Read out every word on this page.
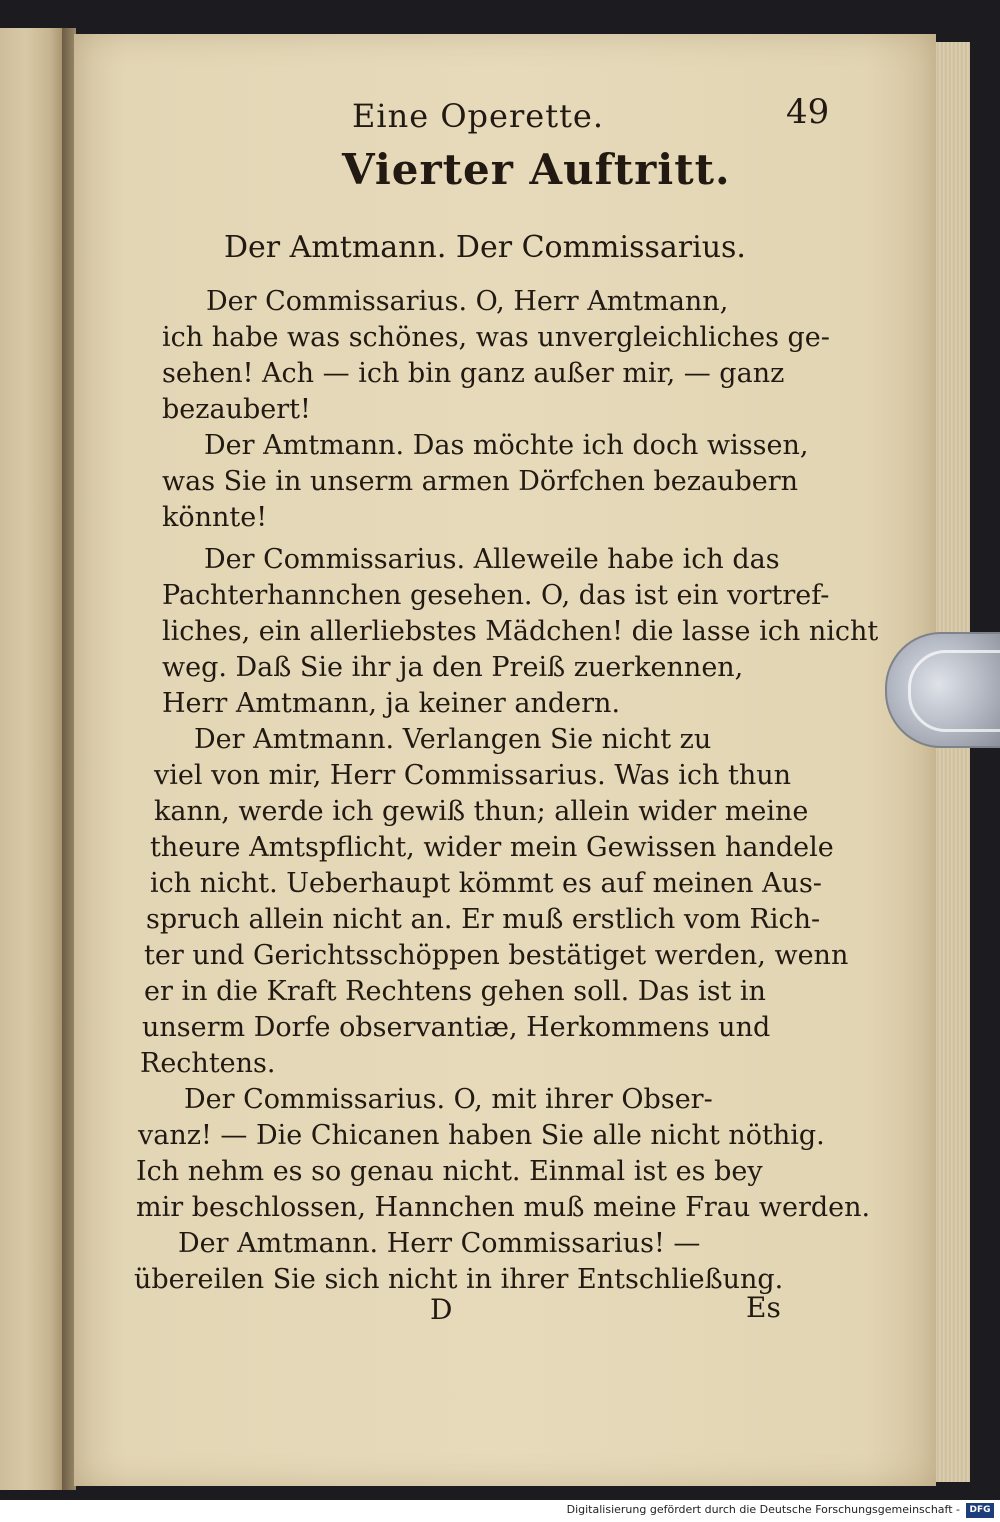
Eine Operette.	49
Vierter Auftritt.
Der Amtmann. Der Commissarius.
Der Commissarius. O, Herr Amtmann,
ich habe was schönes, was unvergleichliches ge-
sehen! Ach — ich bin ganz außer mir, — ganz
bezaubert!
Der Amtmann. Das möchte ich doch wissen,
was Sie in unserm armen Dörfchen bezaubern
könnte!
Der Commissarius. Alleweile habe ich das
Pachterhannchen gesehen. O, das ist ein vortref-
liches, ein allerliebstes Mädchen! die lasse ich nicht
weg. Daß Sie ihr ja den Preiß zuerkennen,
Herr Amtmann, ja keiner andern.
Der Amtmann. Verlangen Sie nicht zu
viel von mir, Herr Commissarius. Was ich thun
kann, werde ich gewiß thun; allein wider meine
theure Amtspflicht, wider mein Gewissen handele
ich nicht. Ueberhaupt kömmt es auf meinen Aus-
spruch allein nicht an. Er muß erstlich vom Rich-
ter und Gerichtsschöppen bestätiget werden, wenn
er in die Kraft Rechtens gehen soll. Das ist in
unserm Dorfe observantiæ, Herkommens und
Rechtens.
Der Commissarius. O, mit ihrer Obser-
vanz! — Die Chicanen haben Sie alle nicht nöthig.
Ich nehm es so genau nicht. Einmal ist es bey
mir beschlossen, Hannchen muß meine Frau werden.
Der Amtmann. Herr Commissarius! —
übereilen Sie sich nicht in ihrer Entschließung.
D	Es
Digitalisierung gefördert durch die Deutsche Forschungsgemeinschaft -	DFG
